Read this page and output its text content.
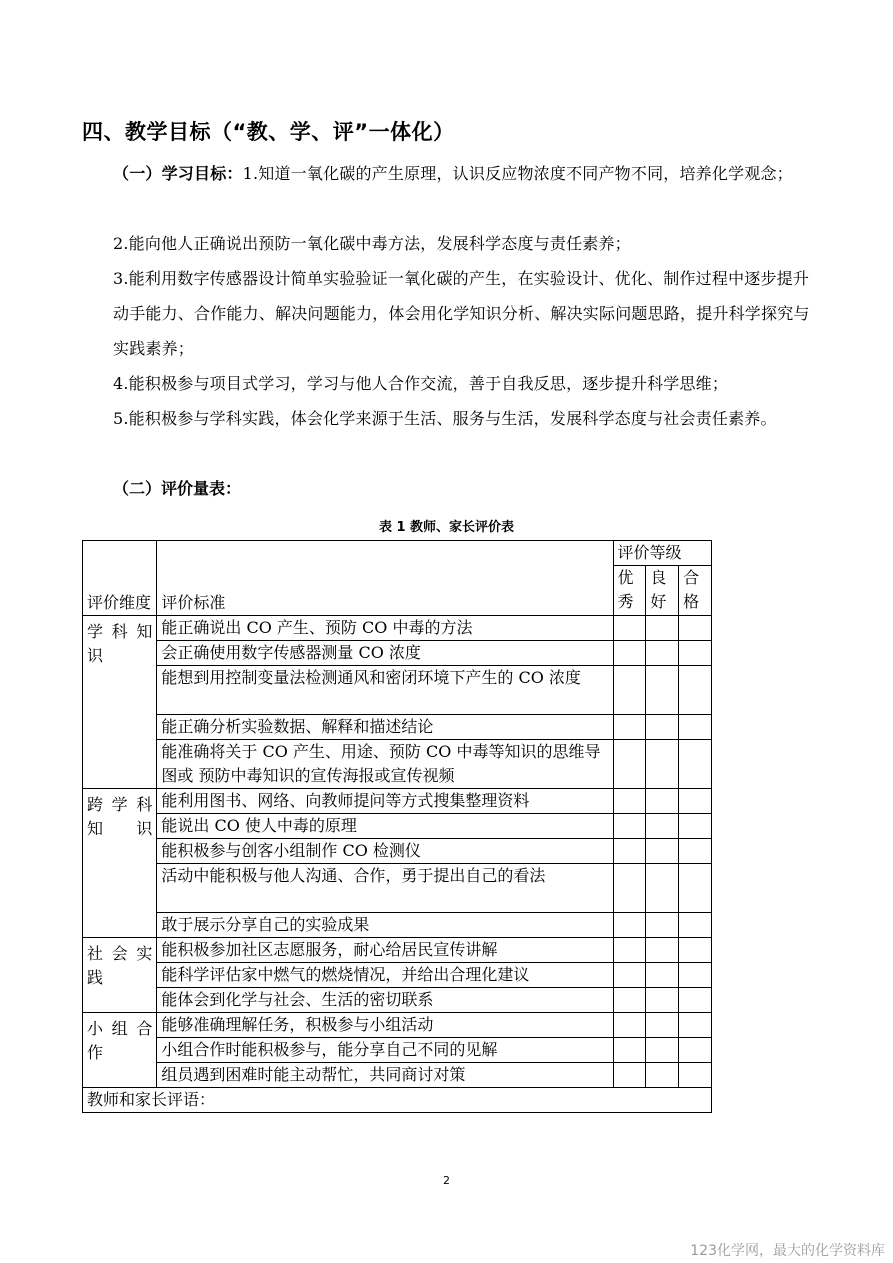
四、教学目标（“教、学、评”一体化）
（一）学习目标：1.知道一氧化碳的产生原理，认识反应物浓度不同产物不同，培养化学观念；
2.能向他人正确说出预防一氧化碳中毒方法，发展科学态度与责任素养；
3.能利用数字传感器设计简单实验验证一氧化碳的产生，在实验设计、优化、制作过程中逐步提升动手能力、合作能力、解决问题能力，体会用化学知识分析、解决实际问题思路，提升科学探究与实践素养；
4.能积极参与项目式学习，学习与他人合作交流，善于自我反思，逐步提升科学思维；
5.能积极参与学科实践，体会化学来源于生活、服务与生活，发展科学态度与社会责任素养。
（二）评价量表：
表 1 教师、家长评价表
评价维度	评价标准	评价等级		
		优秀	良好	合格

学 科 知 识	能正确说出 CO 产生、预防 CO 中毒的方法			
	会正确使用数字传感器测量 CO 浓度			
	能想到用控制变量法检测通风和密闭环境下产生的 CO 浓度			
	能正确分析实验数据、解释和描述结论			
	能准确将关于 CO 产生、用途、预防 CO 中毒等知识的思维导图或 预防中毒知识的宣传海报或宣传视频			

跨 学 科 知 识	能利用图书、网络、向教师提问等方式搜集整理资料			
	能说出 CO 使人中毒的原理			
	能积极参与创客小组制作 CO 检测仪			
	活动中能积极与他人沟通、合作，勇于提出自己的看法			
	敢于展示分享自己的实验成果			

社 会 实 践	能积极参加社区志愿服务，耐心给居民宣传讲解			
	能科学评估家中燃气的燃烧情况，并给出合理化建议			
	能体会到化学与社会、生活的密切联系			

小 组 合 作	能够准确理解任务，积极参与小组活动			
	小组合作时能积极参与，能分享自己不同的见解			
	组员遇到困难时能主动帮忙，共同商讨对策			
教师和家长评语：				
2
123化学网，最大的化学资料库
